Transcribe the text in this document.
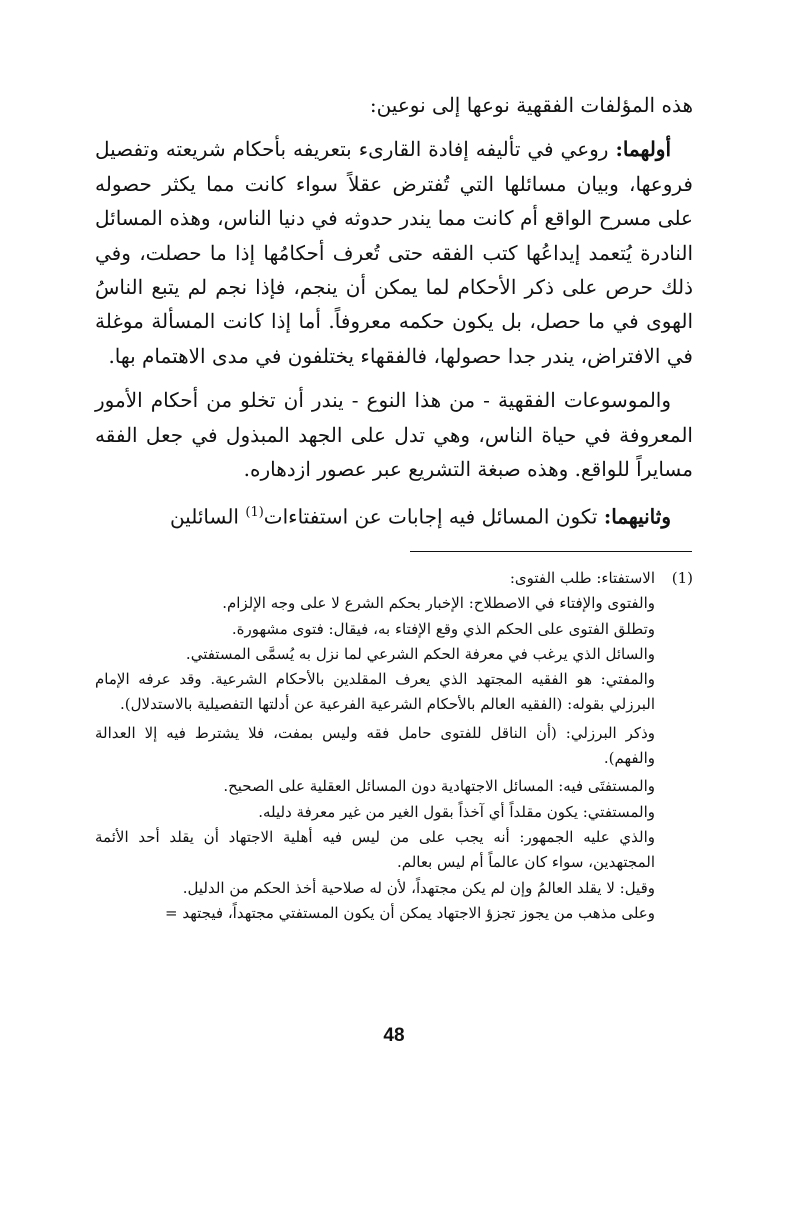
هذه المؤلفات الفقهية نوعها إلى نوعين:

أولهما: روعي في تأليفه إفادة القارىء بتعريفه بأحكام شريعته وتفصيل فروعها، وبيان مسائلها التي تُفترض عقلاً سواء كانت مما يكثر حصوله على مسرح الواقع أم كانت مما يندر حدوثه في دنيا الناس، وهذه المسائل النادرة يُتعمد إيداعُها كتب الفقه حتى تُعرف أحكامُها إذا ما حصلت، وفي ذلك حرص على ذكر الأحكام لما يمكن أن ينجم، فإذا نجم لم يتبع الناسُ الهوى في ما حصل، بل يكون حكمه معروفاً. أما إذا كانت المسألة موغلة في الافتراض، يندر جدا حصولها، فالفقهاء يختلفون في مدى الاهتمام بها.

والموسوعات الفقهية - من هذا النوع - يندر أن تخلو من أحكام الأمور المعروفة في حياة الناس، وهي تدل على الجهد المبذول في جعل الفقه مسايراً للواقع. وهذه صبغة التشريع عبر عصور ازدهاره.

وثانيهما: تكون المسائل فيه إجابات عن استفتاءات$^{(1)}$ السائلين

(1)
الاستفتاء: طلب الفتوى:

والفتوى والإفتاء في الاصطلاح: الإخبار بحكم الشرع لا على وجه الإلزام.

وتطلق الفتوى على الحكم الذي وقع الإفتاء به، فيقال: فتوى مشهورة.

والسائل الذي يرغب في معرفة الحكم الشرعي لما نزل به يُسمَّى المستفتي.

والمفتي: هو الفقيه المجتهد الذي يعرف المقلدين بالأحكام الشرعية. وقد عرفه الإمام البرزلي بقوله: (الفقيه العالم بالأحكام الشرعية الفرعية عن أدلتها التفصيلية بالاستدلال).

وذكر البرزلي: (أن الناقل للفتوى حامل فقه وليس بمفت، فلا يشترط فيه إلا العدالة والفهم).

والمستفتَى فيه: المسائل الاجتهادية دون المسائل العقلية على الصحيح.

والمستفتي: يكون مقلداً أي آخذاً بقول الغير من غير معرفة دليله.

والذي عليه الجمهور: أنه يجب على من ليس فيه أهلية الاجتهاد أن يقلد أحد الأئمة المجتهدين، سواء كان عالماً أم ليس بعالم.

وقيل: لا يقلد العالمُ وإن لم يكن مجتهداً، لأن له صلاحية أخذ الحكم من الدليل.

وعلى مذهب من يجوز تجزؤ الاجتهاد يمكن أن يكون المستفتي مجتهداً، فيجتهد =

48
